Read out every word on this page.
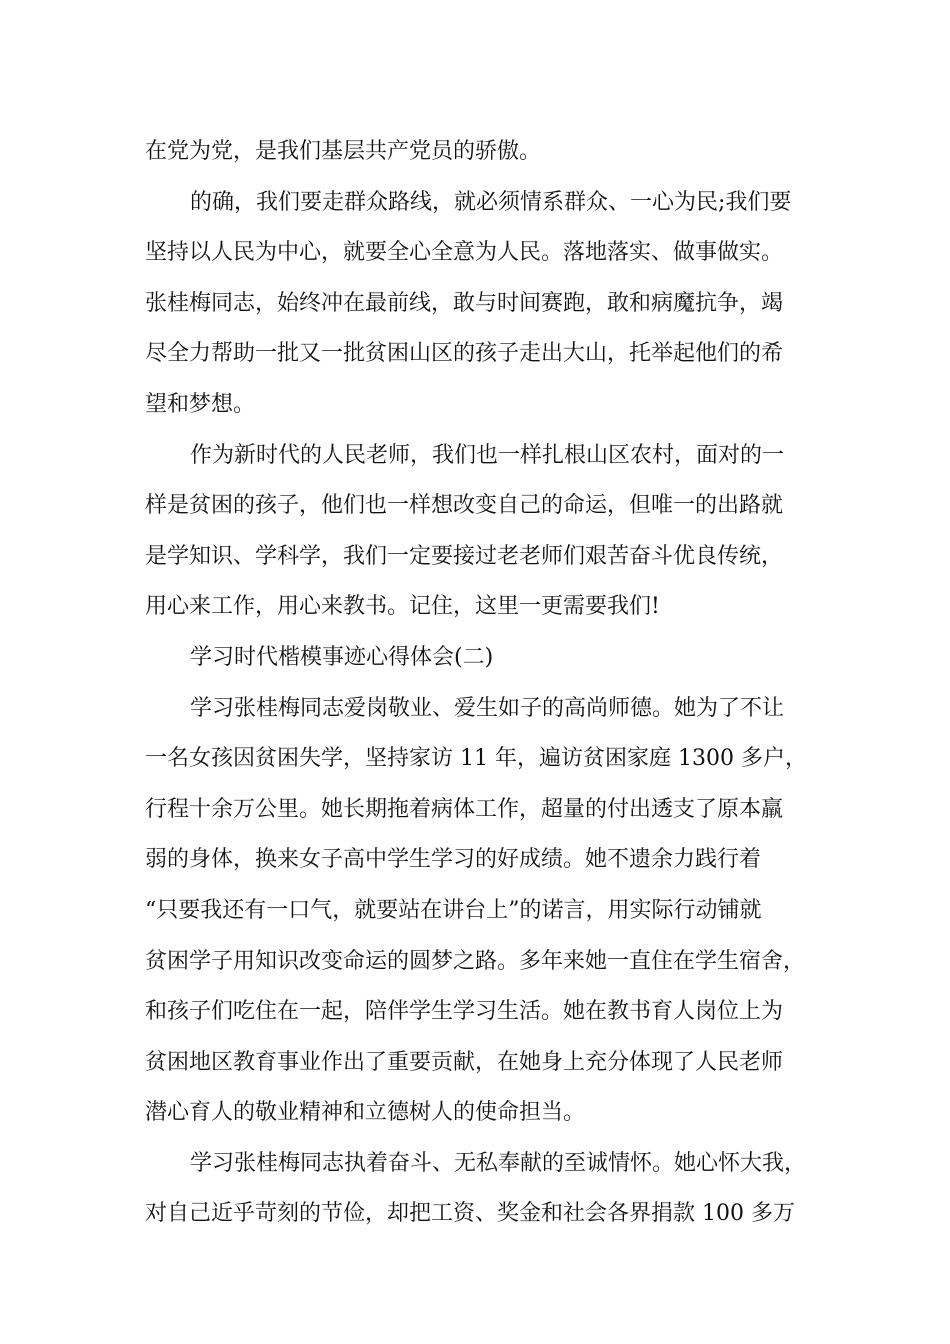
在党为党，是我们基层共产党员的骄傲。
的确，我们要走群众路线，就必须情系群众、一心为民;我们要
坚持以人民为中心，就要全心全意为人民。落地落实、做事做实。
张桂梅同志，始终冲在最前线，敢与时间赛跑，敢和病魔抗争，竭
尽全力帮助一批又一批贫困山区的孩子走出大山，托举起他们的希
望和梦想。
作为新时代的人民老师，我们也一样扎根山区农村，面对的一
样是贫困的孩子，他们也一样想改变自己的命运，但唯一的出路就
是学知识、学科学，我们一定要接过老老师们艰苦奋斗优良传统，
用心来工作，用心来教书。记住，这里一更需要我们!
学习时代楷模事迹心得体会(二)
学习张桂梅同志爱岗敬业、爱生如子的高尚师德。她为了不让
一名女孩因贫困失学，坚持家访 11 年，遍访贫困家庭 1300 多户，
行程十余万公里。她长期拖着病体工作，超量的付出透支了原本羸
弱的身体，换来女子高中学生学习的好成绩。她不遗余力践行着
“只要我还有一口气，就要站在讲台上”的诺言，用实际行动铺就
贫困学子用知识改变命运的圆梦之路。多年来她一直住在学生宿舍，
和孩子们吃住在一起，陪伴学生学习生活。她在教书育人岗位上为
贫困地区教育事业作出了重要贡献，在她身上充分体现了人民老师
潜心育人的敬业精神和立德树人的使命担当。
学习张桂梅同志执着奋斗、无私奉献的至诚情怀。她心怀大我，
对自己近乎苛刻的节俭，却把工资、奖金和社会各界捐款 100 多万
